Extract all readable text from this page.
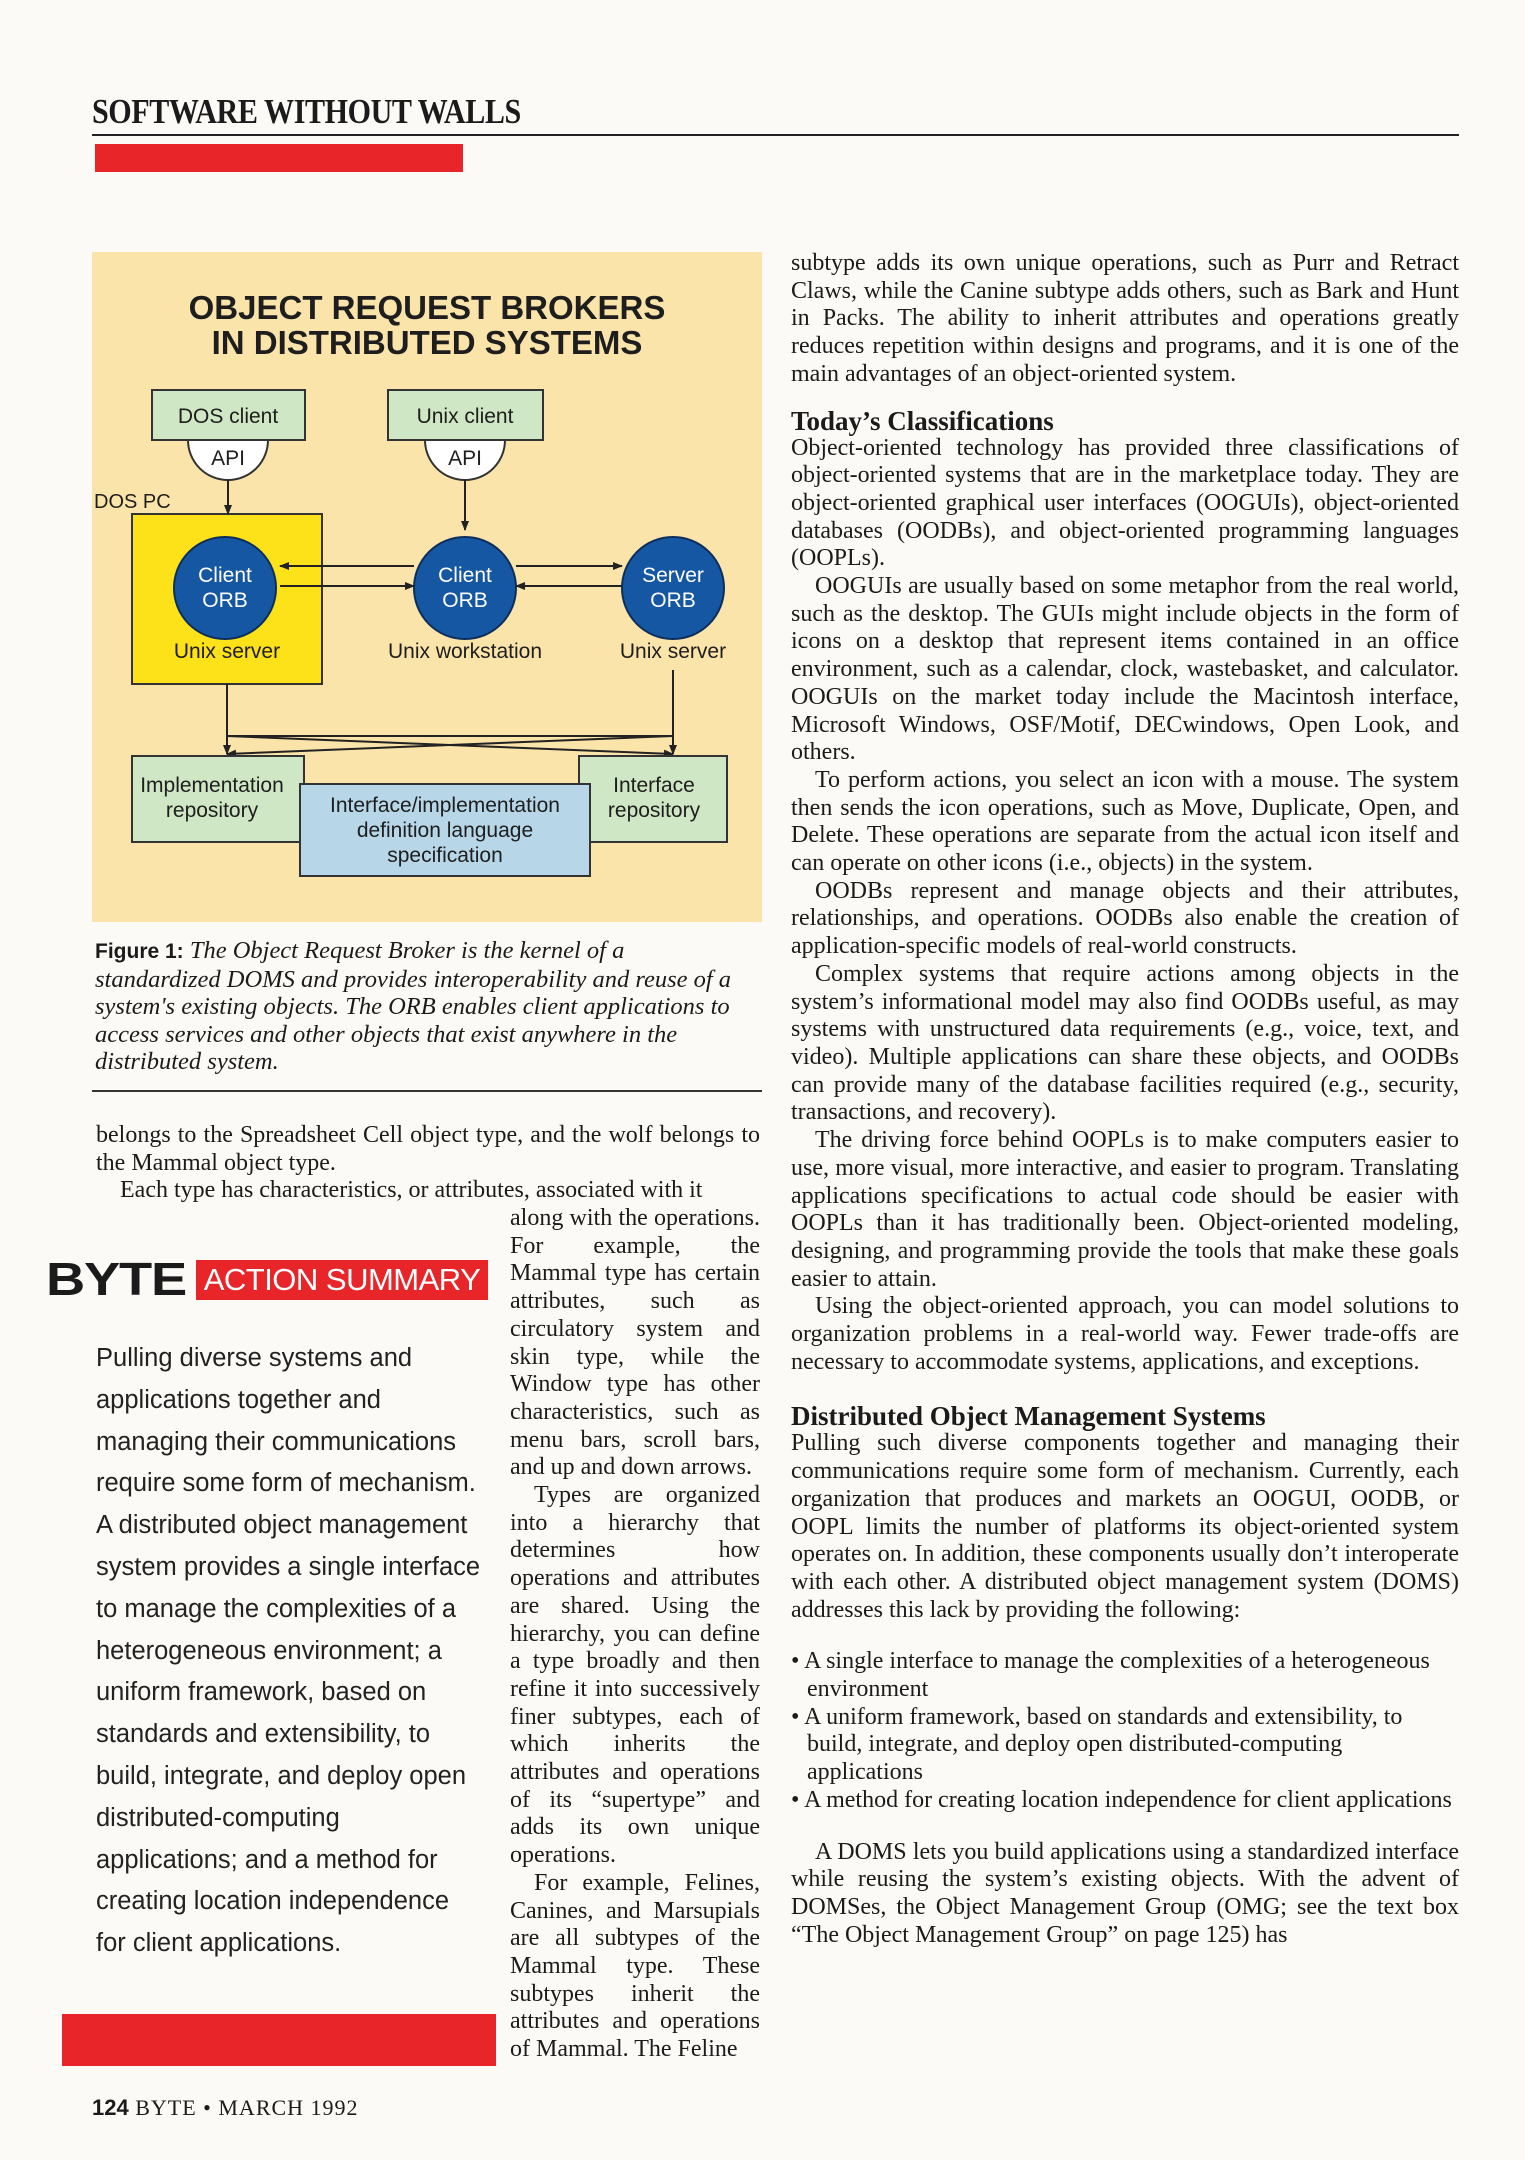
SOFTWARE WITHOUT WALLS
OBJECT REQUEST BROKERS
IN DISTRIBUTED SYSTEMS
DOS client	Unix client
API	API
DOS PC
Client
ORB
Client
ORB
Server
ORB
Unix server	Unix workstation	Unix server
Implementation
repository
Interface
repository
Interface/implementation
definition language
specification
Figure 1: The Object Request Broker is the kernel of a standardized DOMS and provides interoperability and reuse of a system's existing objects. The ORB enables client applications to access services and other objects that exist anywhere in the distributed system.

belongs to the Spreadsheet Cell object type, and the wolf belongs to the Mammal object type.

Each type has characteristics, or attributes, associated with it

along with the operations. For example, the Mammal type has certain attributes, such as circulatory system and skin type, while the Window type has other characteristics, such as menu bars, scroll bars, and up and down arrows.

Types are organized into a hierarchy that determines how operations and attributes are shared. Using the hierarchy, you can define a type broadly and then refine it into successively finer subtypes, each of which inherits the attributes and operations of its “supertype” and adds its own unique operations.

For example, Felines, Canines, and Marsupials are all subtypes of the Mammal type. These subtypes inherit the attributes and operations of Mammal. The Feline

BYTE ACTION SUMMARY
Pulling diverse systems and applications together and managing their communications require some form of mechanism. A distributed object management system provides a single interface to manage the complexities of a heterogeneous environment; a uniform framework, based on standards and extensibility, to build, integrate, and deploy open distributed-computing applications; and a method for creating location independence for client applications.

subtype adds its own unique operations, such as Purr and Retract Claws, while the Canine subtype adds others, such as Bark and Hunt in Packs. The ability to inherit attributes and operations greatly reduces repetition within designs and programs, and it is one of the main advantages of an object-oriented system.

Today’s Classifications

Object-oriented technology has provided three classifications of object-oriented systems that are in the marketplace today. They are object-oriented graphical user interfaces (OOGUIs), object-oriented databases (OODBs), and object-oriented programming languages (OOPLs).

OOGUIs are usually based on some metaphor from the real world, such as the desktop. The GUIs might include objects in the form of icons on a desktop that represent items contained in an office environment, such as a calendar, clock, wastebasket, and calculator. OOGUIs on the market today include the Macintosh interface, Microsoft Windows, OSF/Motif, DECwindows, Open Look, and others.

To perform actions, you select an icon with a mouse. The system then sends the icon operations, such as Move, Duplicate, Open, and Delete. These operations are separate from the actual icon itself and can operate on other icons (i.e., objects) in the system.

OODBs represent and manage objects and their attributes, relationships, and operations. OODBs also enable the creation of application-specific models of real-world constructs.

Complex systems that require actions among objects in the system’s informational model may also find OODBs useful, as may systems with unstructured data requirements (e.g., voice, text, and video). Multiple applications can share these objects, and OODBs can provide many of the database facilities required (e.g., security, transactions, and recovery).

The driving force behind OOPLs is to make computers easier to use, more visual, more interactive, and easier to program. Translating applications specifications to actual code should be easier with OOPLs than it has traditionally been. Object-oriented modeling, designing, and programming provide the tools that make these goals easier to attain.

Using the object-oriented approach, you can model solutions to organization problems in a real-world way. Fewer trade-offs are necessary to accommodate systems, applications, and exceptions.

Distributed Object Management Systems

Pulling such diverse components together and managing their communications require some form of mechanism. Currently, each organization that produces and markets an OOGUI, OODB, or OOPL limits the number of platforms its object-oriented system operates on. In addition, these components usually don’t interoperate with each other. A distributed object management system (DOMS) addresses this lack by providing the following:

• A single interface to manage the complexities of a heterogeneous environment
• A uniform framework, based on standards and extensibility, to build, integrate, and deploy open distributed-computing applications
• A method for creating location independence for client applications

A DOMS lets you build applications using a standardized interface while reusing the system’s existing objects. With the advent of DOMSes, the Object Management Group (OMG; see the text box “The Object Management Group” on page 125) has

124 BYTE • MARCH 1992
